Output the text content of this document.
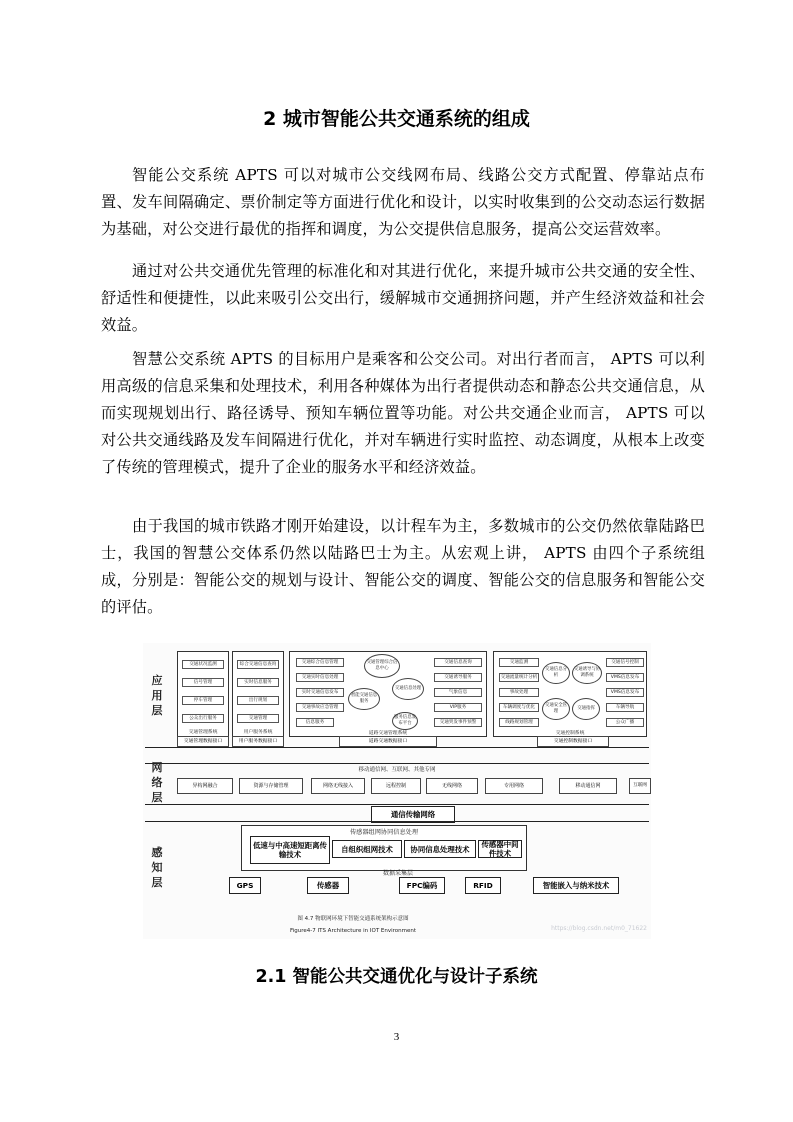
2 城市智能公共交通系统的组成

智能公交系统 APTS 可以对城市公交线网布局、线路公交方式配置、停靠站点布置、发车间隔确定、票价制定等方面进行优化和设计，以实时收集到的公交动态运行数据为基础，对公交进行最优的指挥和调度，为公交提供信息服务，提高公交运营效率。

通过对公共交通优先管理的标准化和对其进行优化，来提升城市公共交通的安全性、舒适性和便捷性，以此来吸引公交出行，缓解城市交通拥挤问题，并产生经济效益和社会效益。

智慧公交系统 APTS 的目标用户是乘客和公交公司。对出行者而言， APTS 可以利用高级的信息采集和处理技术，利用各种媒体为出行者提供动态和静态公共交通信息，从而实现规划出行、路径诱导、预知车辆位置等功能。对公共交通企业而言， APTS 可以对公共交通线路及发车间隔进行优化，并对车辆进行实时监控、动态调度，从根本上改变了传统的管理模式，提升了企业的服务水平和经济效益。

由于我国的城市铁路才刚开始建设，以计程车为主，多数城市的公交仍然依靠陆路巴士，我国的智慧公交体系仍然以陆路巴士为主。从宏观上讲， APTS 由四个子系统组成，分别是：智能公交的规划与设计、智能公交的调度、智能公交的信息服务和智能公交的评估。

应用层
交通状况监测
信号管理
停车管理
公众出行服务
交通管理系统
综合交通信息查询
实时信息服务
出行规划
交通管理
用户服务系统
交通综合信息管理
交通实时信息处理
实时交通信息发布
交通事故应急管理
信息服务
交通管理综合信息中心
智能交通信息服务
交通信息处理
服务信息发布平台
交通信息查询
交通诱导服务
气象信息
VIP服务
交通突发事件预警
道路交通管理系统
交通监测
交通流量统计分析
事故处理
车辆调度与优化
线路规划管理
交通信息分析
交通诱导与协调系统
交通安全管理
交通指挥
交通信号控制
VMS信息发布
VMS信息发布
车辆导航
公众广播
交通控制系统
交通管理数据接口	用户服务数据接口	道路交通数据接口	交通控制数据接口
网络层
移动通信网、互联网、其他专网
异构网融合	资源与存储管理	网络无线接入	远程控制	无线网络	专用网络	移动通信网	互联网
通信传输网络
感知层
传感器组网协同信息处理
低速与中高速短距离传输技术
自组织组网技术	协同信息处理技术	传感器中间件技术
数据采集层
GPS	传感器	FPC编码	RFID	智能嵌入与纳米技术
图 4.7 物联网环境下智能交通系统架构示意图
Figure4-7 ITS Architecture in IOT Environment	https://blog.csdn.net/m0_71622
2.1 智能公共交通优化与设计子系统
3
